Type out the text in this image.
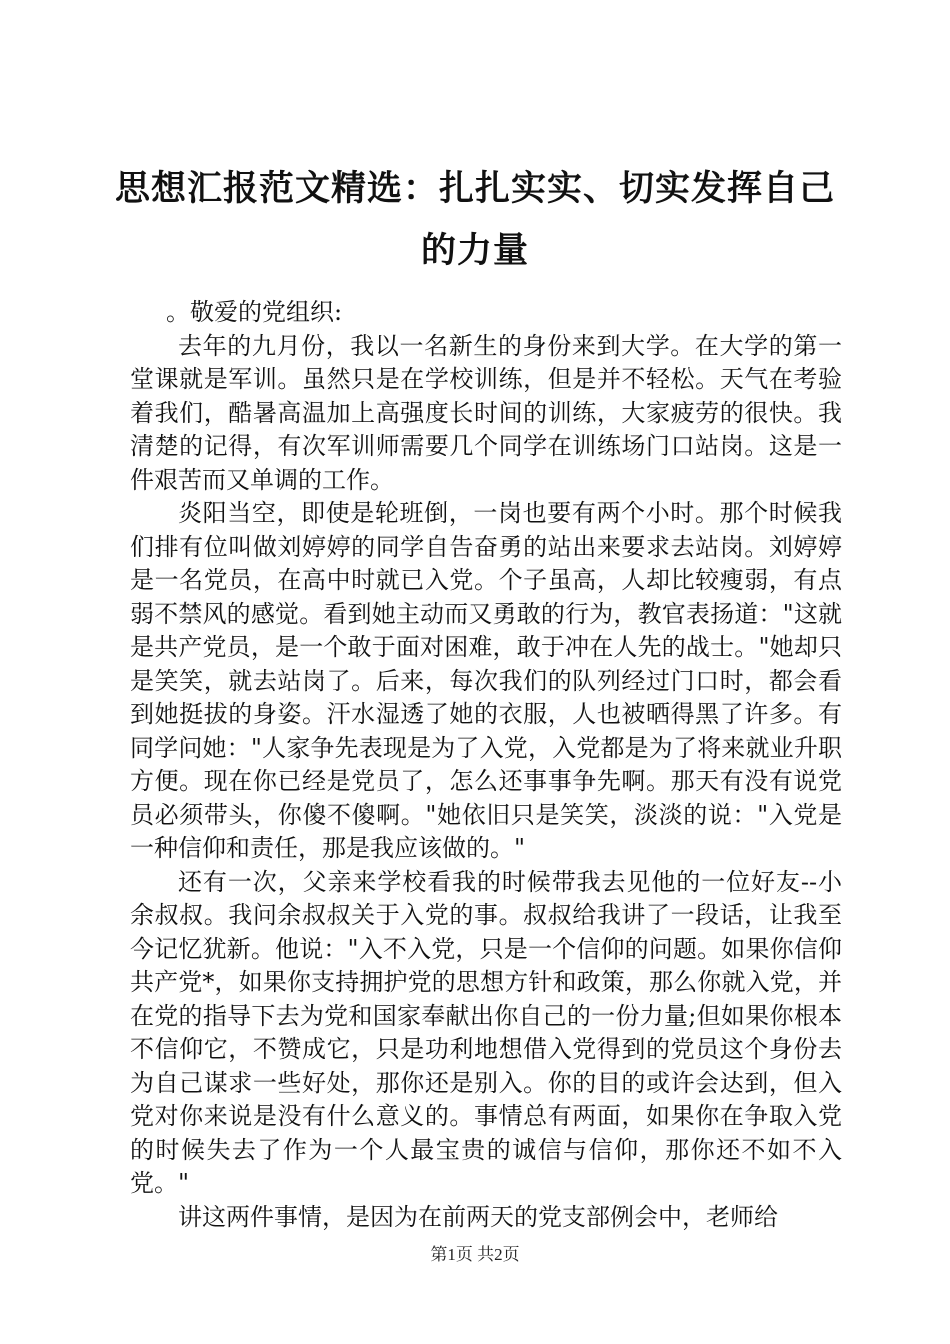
思想汇报范文精选：扎扎实实、切实发挥自己的力量

。敬爱的党组织:

去年的九月份，我以一名新生的身份来到大学。在大学的第一堂课就是军训。虽然只是在学校训练，但是并不轻松。天气在考验着我们，酷暑高温加上高强度长时间的训练，大家疲劳的很快。我清楚的记得，有次军训师需要几个同学在训练场门口站岗。这是一件艰苦而又单调的工作。

炎阳当空，即使是轮班倒，一岗也要有两个小时。那个时候我们排有位叫做刘婷婷的同学自告奋勇的站出来要求去站岗。刘婷婷是一名党员，在高中时就已入党。个子虽高，人却比较瘦弱，有点弱不禁风的感觉。看到她主动而又勇敢的行为，教官表扬道："这就是共产党员，是一个敢于面对困难，敢于冲在人先的战士。"她却只是笑笑，就去站岗了。后来，每次我们的队列经过门口时，都会看到她挺拔的身姿。汗水湿透了她的衣服，人也被晒得黑了许多。有同学问她："人家争先表现是为了入党，入党都是为了将来就业升职方便。现在你已经是党员了，怎么还事事争先啊。那天有没有说党员必须带头，你傻不傻啊。"她依旧只是笑笑，淡淡的说："入党是一种信仰和责任，那是我应该做的。"

还有一次，父亲来学校看我的时候带我去见他的一位好友--小余叔叔。我问余叔叔关于入党的事。叔叔给我讲了一段话，让我至今记忆犹新。他说："入不入党，只是一个信仰的问题。如果你信仰共产党*，如果你支持拥护党的思想方针和政策，那么你就入党，并在党的指导下去为党和国家奉献出你自己的一份力量;但如果你根本不信仰它，不赞成它，只是功利地想借入党得到的党员这个身份去为自己谋求一些好处，那你还是别入。你的目的或许会达到，但入党对你来说是没有什么意义的。事情总有两面，如果你在争取入党的时候失去了作为一个人最宝贵的诚信与信仰，那你还不如不入党。"

讲这两件事情，是因为在前两天的党支部例会中，老师给

第1页 共2页
